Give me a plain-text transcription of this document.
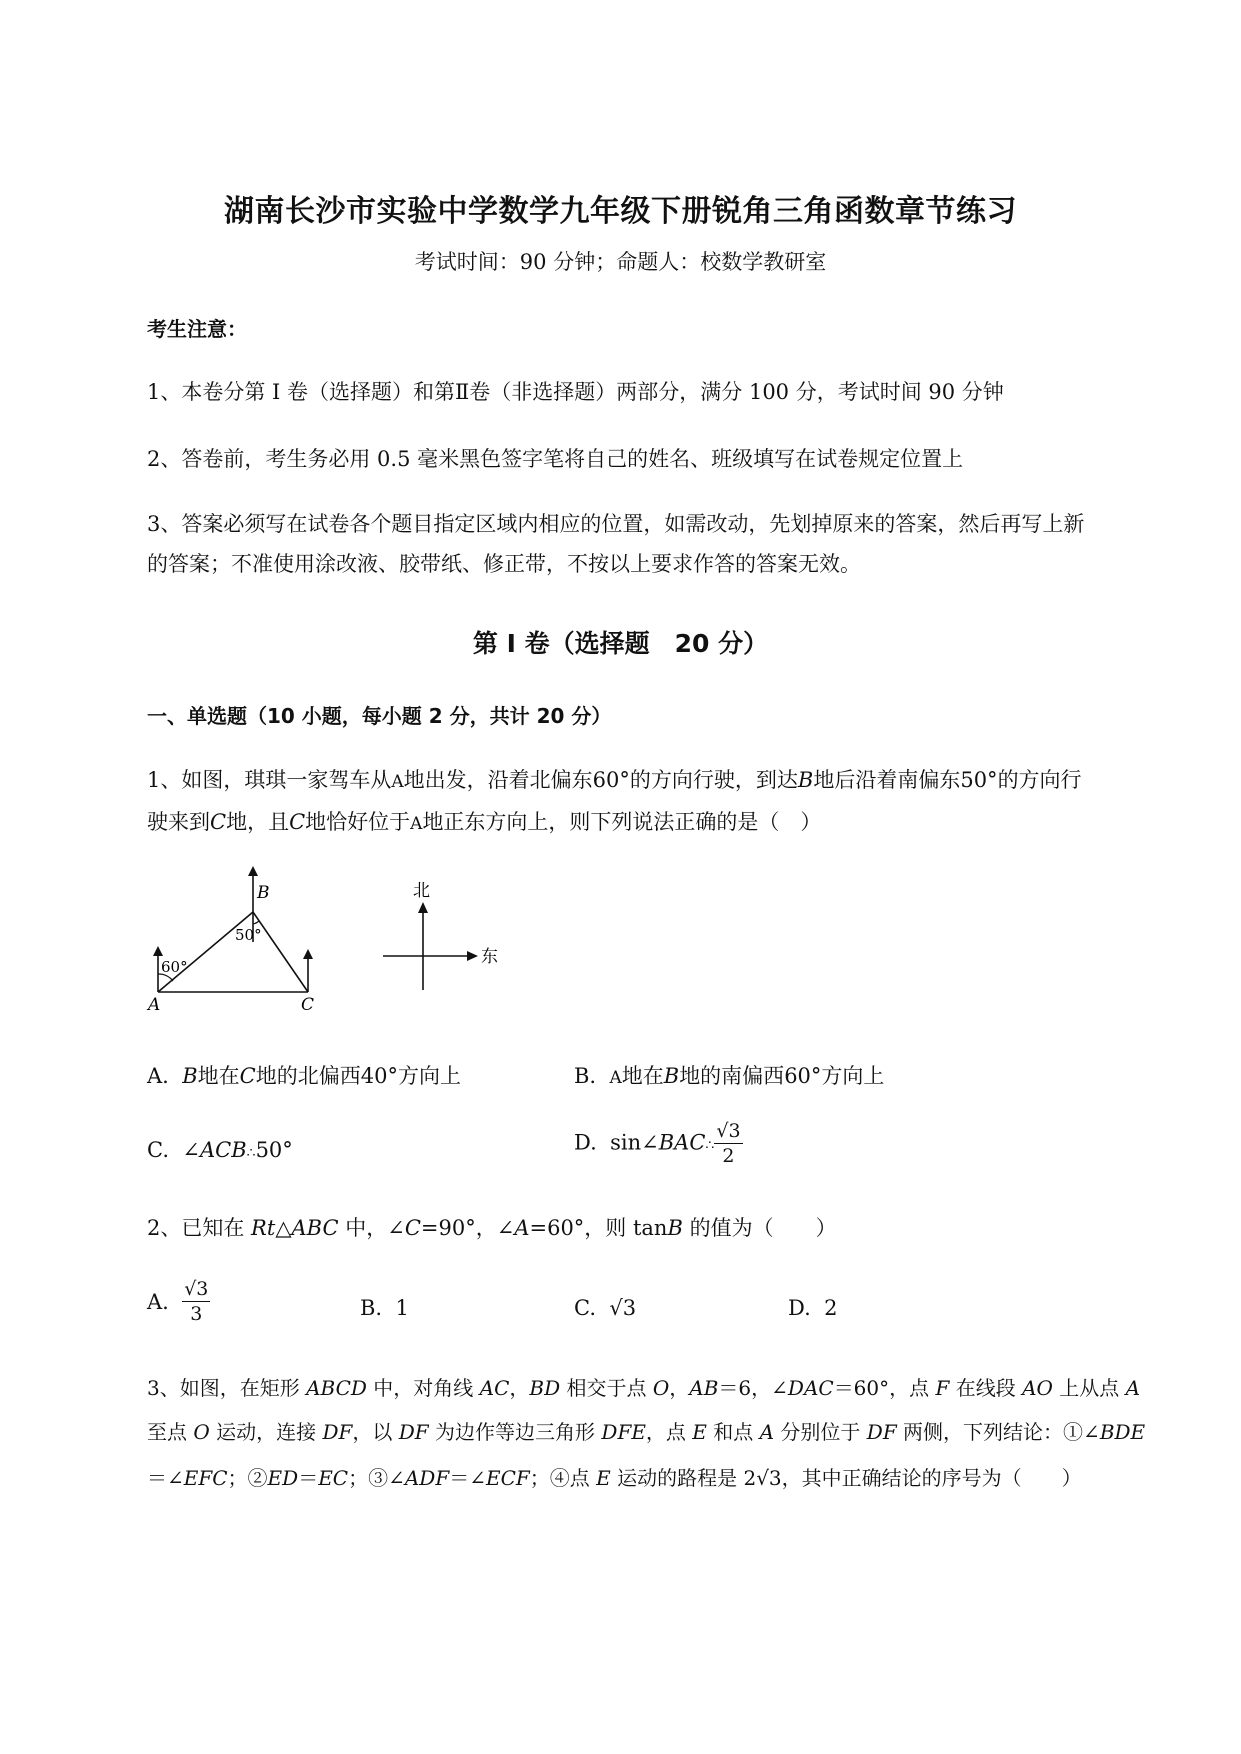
湖南长沙市实验中学数学九年级下册锐角三角函数章节练习
考试时间：90 分钟；命题人：校数学教研室
考生注意：
1、本卷分第 I 卷（选择题）和第Ⅱ卷（非选择题）两部分，满分 100 分，考试时间 90 分钟
2、答卷前，考生务必用 0.5 毫米黑色签字笔将自己的姓名、班级填写在试卷规定位置上
3、答案必须写在试卷各个题目指定区域内相应的位置，如需改动，先划掉原来的答案，然后再写上新
的答案；不准使用涂改液、胶带纸、修正带，不按以上要求作答的答案无效。
第 I 卷（选择题　20 分）
一、单选题（10 小题，每小题 2 分，共计 20 分）
1、如图，琪琪一家驾车从A地出发，沿着北偏东60°的方向行驶，到达B地后沿着南偏东50°的方向行
驶来到C地，且C地恰好位于A地正东方向上，则下列说法正确的是（　）
A
B
C
60°
50°
北
东
A. B地在C地的北偏西40°方向上	B. A地在B地的南偏西60°方向上
C. ∠ACB∴50°	D. sin∠BAC∴ $\frac{√3}{2}$
2、已知在 Rt△ABC 中，∠C=90°，∠A=60°，则 tanB 的值为（　　）
A. $\frac{√3}{3}$	B. 1	C. √3	D. 2
3、如图，在矩形 ABCD 中，对角线 AC，BD 相交于点 O，AB＝6，∠DAC＝60°，点 F 在线段 AO 上从点 A
至点 O 运动，连接 DF，以 DF 为边作等边三角形 DFE，点 E 和点 A 分别位于 DF 两侧，下列结论：①∠BDE
＝∠EFC；②ED＝EC；③∠ADF＝∠ECF；④点 E 运动的路程是 2√3，其中正确结论的序号为（　　）
